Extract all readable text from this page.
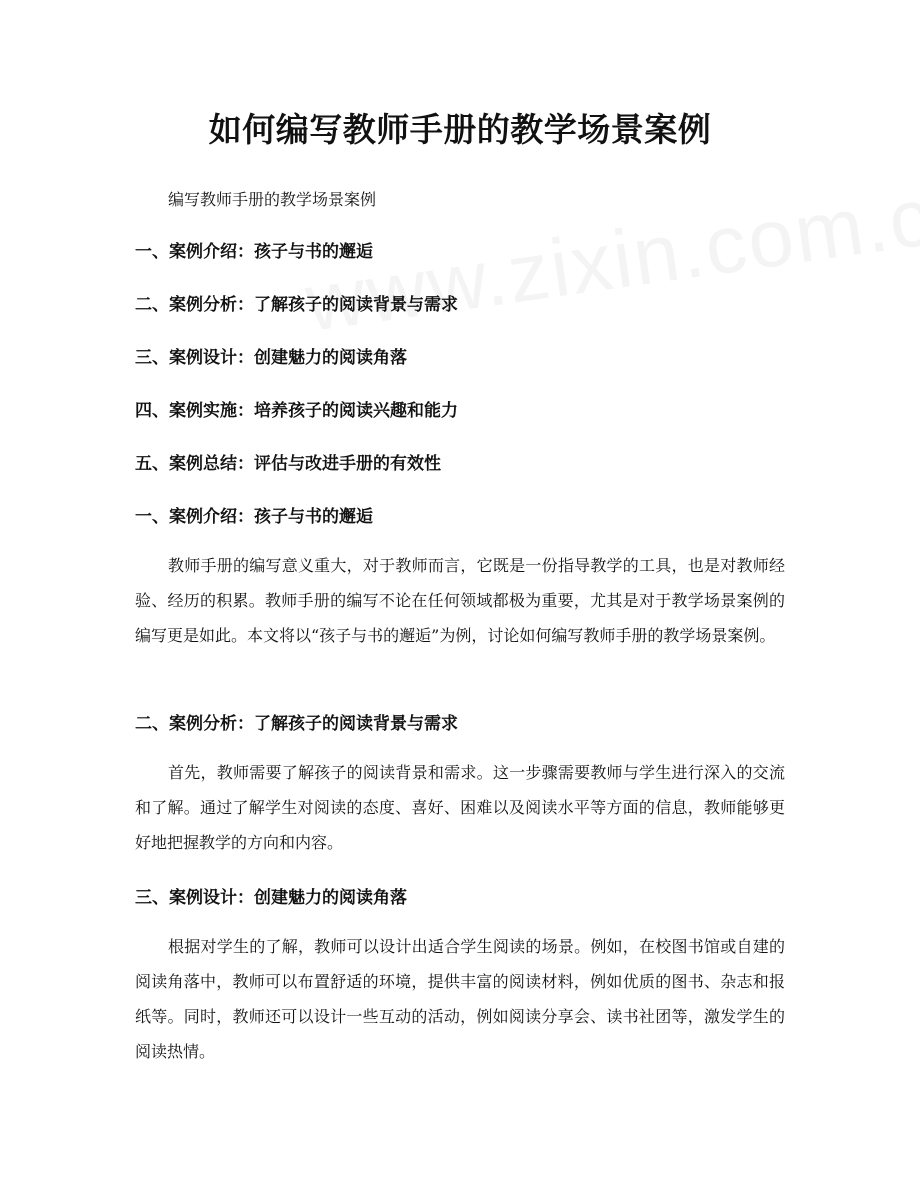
如何编写教师手册的教学场景案例
编写教师手册的教学场景案例
一、案例介绍：孩子与书的邂逅
二、案例分析：了解孩子的阅读背景与需求
三、案例设计：创建魅力的阅读角落
四、案例实施：培养孩子的阅读兴趣和能力
五、案例总结：评估与改进手册的有效性
一、案例介绍：孩子与书的邂逅

教师手册的编写意义重大，对于教师而言，它既是一份指导教学的工具，也是对教师经验、经历的积累。教师手册的编写不论在任何领域都极为重要，尤其是对于教学场景案例的编写更是如此。本文将以“孩子与书的邂逅”为例，讨论如何编写教师手册的教学场景案例。

二、案例分析：了解孩子的阅读背景与需求

首先，教师需要了解孩子的阅读背景和需求。这一步骤需要教师与学生进行深入的交流和了解。通过了解学生对阅读的态度、喜好、困难以及阅读水平等方面的信息，教师能够更好地把握教学的方向和内容。

三、案例设计：创建魅力的阅读角落

根据对学生的了解，教师可以设计出适合学生阅读的场景。例如，在校图书馆或自建的阅读角落中，教师可以布置舒适的环境，提供丰富的阅读材料，例如优质的图书、杂志和报纸等。同时，教师还可以设计一些互动的活动，例如阅读分享会、读书社团等，激发学生的阅读热情。
